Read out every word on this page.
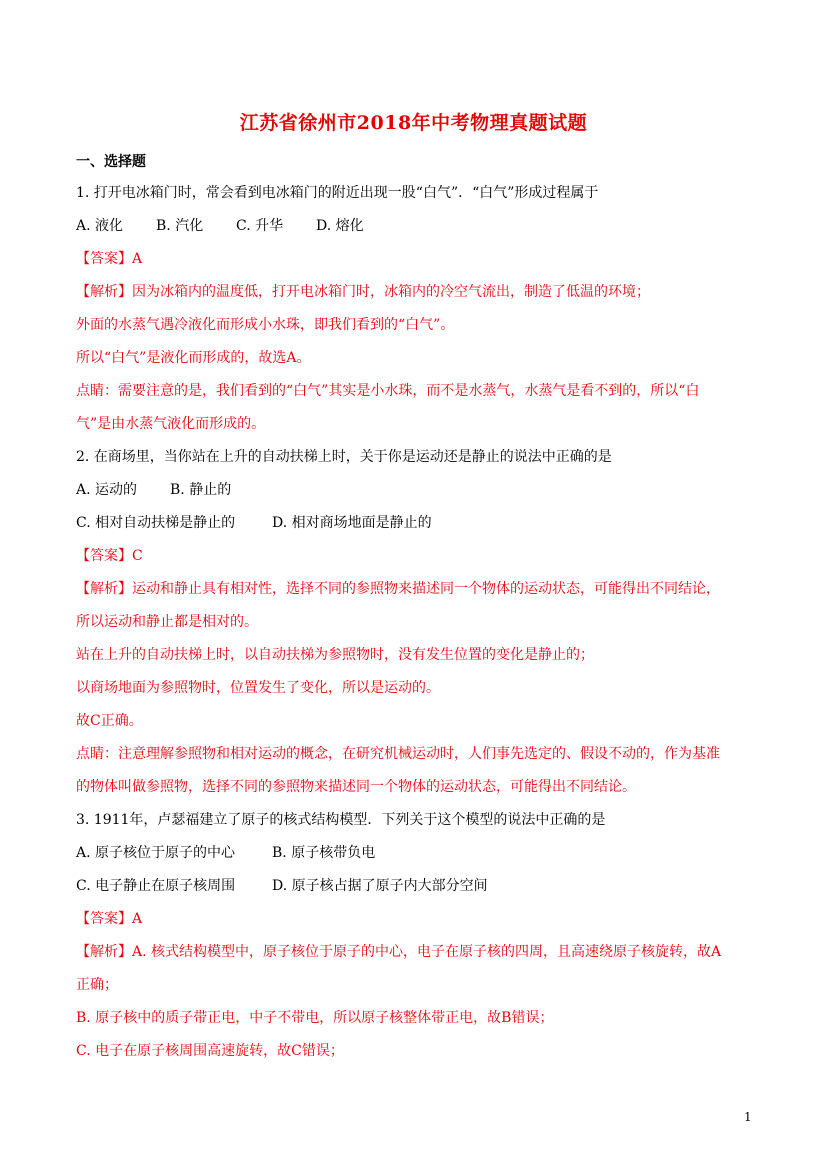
江苏省徐州市2018年中考物理真题试题
一、选择题
1. 打开电冰箱门时，常会看到电冰箱门的附近出现一股“白气”．“白气”形成过程属于
A. 液化 B. 汽化 C. 升华 D. 熔化
【答案】A
【解析】因为冰箱内的温度低，打开电冰箱门时，冰箱内的冷空气流出，制造了低温的环境；
外面的水蒸气遇冷液化而形成小水珠，即我们看到的“白气”。
所以“白气”是液化而形成的，故选A。
点睛：需要注意的是，我们看到的“白气”其实是小水珠，而不是水蒸气，水蒸气是看不到的，所以“白
气”是由水蒸气液化而形成的。
2. 在商场里，当你站在上升的自动扶梯上时，关于你是运动还是静止的说法中正确的是
A. 运动的 B. 静止的
C. 相对自动扶梯是静止的	D. 相对商场地面是静止的
【答案】C
【解析】运动和静止具有相对性，选择不同的参照物来描述同一个物体的运动状态，可能得出不同结论，
所以运动和静止都是相对的。
站在上升的自动扶梯上时，以自动扶梯为参照物时，没有发生位置的变化是静止的；
以商场地面为参照物时，位置发生了变化，所以是运动的。
故C正确。
点睛：注意理解参照物和相对运动的概念，在研究机械运动时，人们事先选定的、假设不动的，作为基准
的物体叫做参照物，选择不同的参照物来描述同一个物体的运动状态，可能得出不同结论。
3. 1911年，卢瑟福建立了原子的核式结构模型．下列关于这个模型的说法中正确的是
A. 原子核位于原子的中心	B. 原子核带负电
C. 电子静止在原子核周围	D. 原子核占据了原子内大部分空间
【答案】A
【解析】A. 核式结构模型中，原子核位于原子的中心，电子在原子核的四周，且高速绕原子核旋转，故A
正确；
B. 原子核中的质子带正电，中子不带电，所以原子核整体带正电，故B错误；
C. 电子在原子核周围高速旋转，故C错误；
1
